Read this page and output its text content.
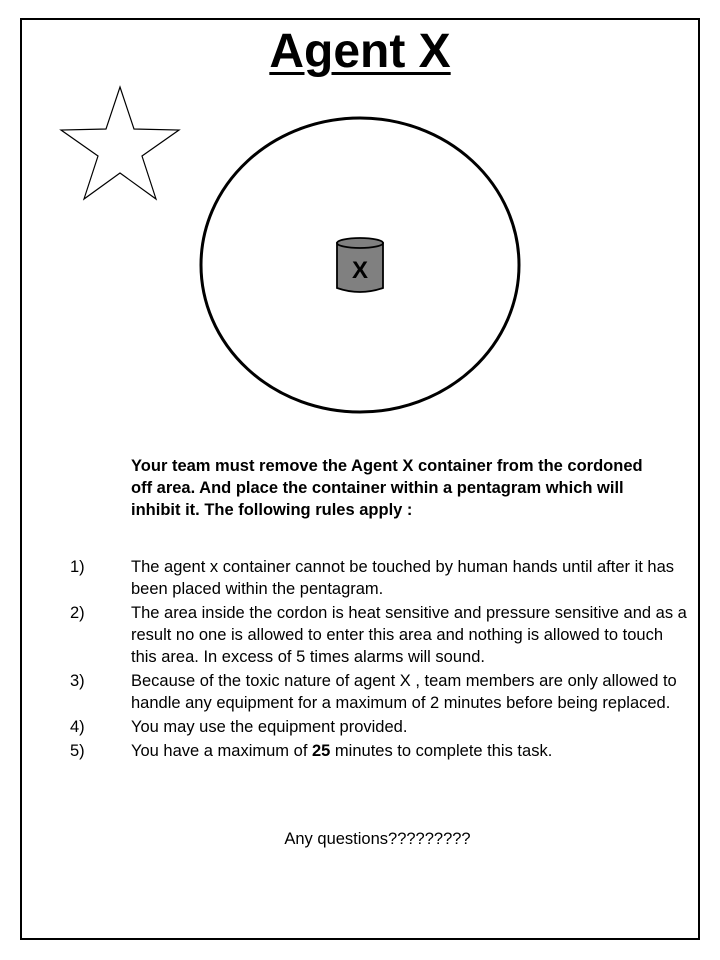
Agent X
X
Your team must remove the Agent X container from the cordoned off area. And place the container within a pentagram which will inhibit it. The following rules apply :
1)	The agent x container cannot be touched by human hands until after it has been placed within the pentagram.
2)	The area inside the cordon is heat sensitive and pressure sensitive and as a result no one is allowed to enter this area and nothing is allowed to touch this area. In excess of 5 times alarms will sound.
3)	Because of the toxic nature of agent X , team members are only allowed to handle any equipment for a maximum of 2 minutes before being replaced.
4)	You may use the equipment provided.
5)	You have a maximum of 25 minutes to complete this task.
Any questions?????????
